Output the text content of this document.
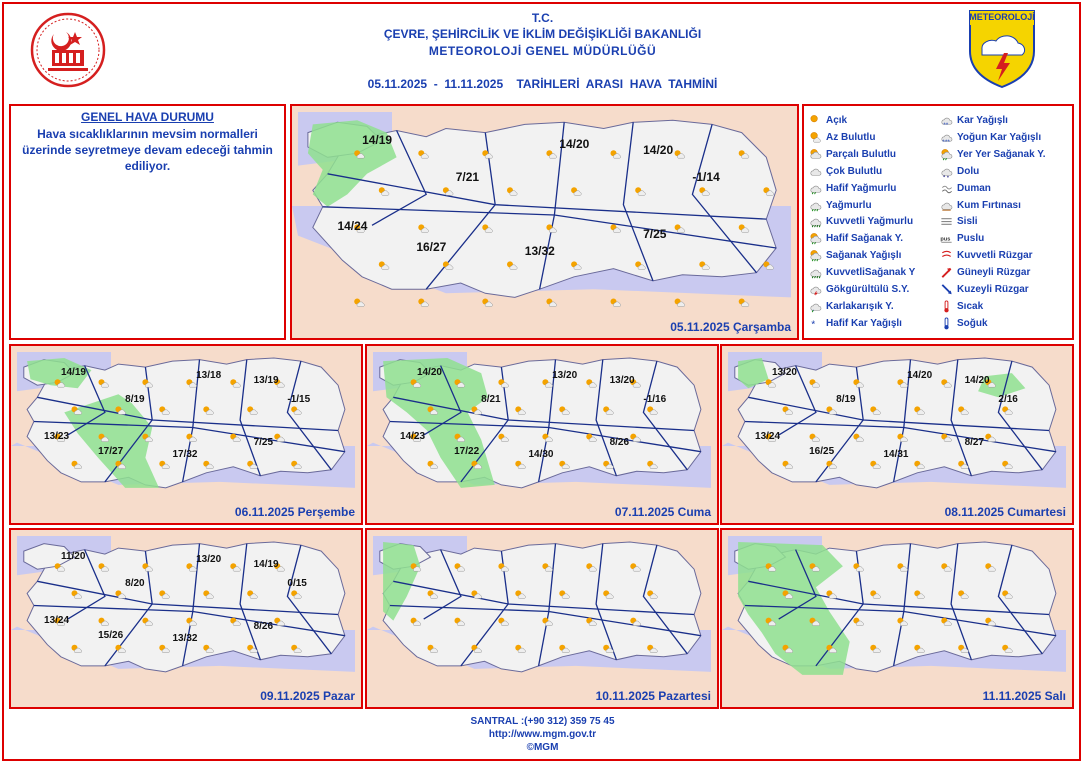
METEOROLOJİ
T.C.
ÇEVRE, ŞEHİRCİLİK VE İKLİM DEĞİŞİKLİĞİ BAKANLIĞI
METEOROLOJİ GENEL MÜDÜRLÜĞÜ
05.11.2025  -  11.11.2025    TARİHLERİ  ARASI  HAVA  TAHMİNİ
GENEL HAVA DURUMU
Hava sıcaklıklarının mevsim normalleri üzerinde seyretmeye devam edeceği tahmin ediliyor.
Açık
Az Bulutlu
Parçalı Bulutlu
Çok Bulutlu
Hafif Yağmurlu
Yağmurlu
Kuvvetli Yağmurlu
Hafif Sağanak Y.
Sağanak Yağışlı
KuvvetliSağanak Y
Gökgürültülü S.Y.
Karlakarışık Y.
* Hafif Kar Yağışlı
** Kar Yağışlı
*** Yoğun Kar Yağışlı
Yer Yer Sağanak Y.
Dolu
Duman
Kum Fırtınası
Sisli
pus Puslu
Kuvvetli Rüzgar
Güneyli Rüzgar
Kuzeyli Rüzgar
Sıcak
Soğuk
14/19	14/20	14/20
7/21	-1/14
14/24
16/27	13/32
7/25
05.11.2025 Çarşamba
14/19	13/18	13/19
8/19	-1/15
13/23
17/27	17/32
7/25
06.11.2025 Perşembe
14/20	13/20	13/20
8/21	-1/16
14/23
17/22	14/30
8/26
07.11.2025 Cuma
13/20	14/20	14/20
8/19	2/16
13/24
16/25	14/31
8/27
08.11.2025 Cumartesi
11/20	13/20	14/19
8/20	0/15
13/24
15/26	13/32
8/26
09.11.2025 Pazar	10.11.2025 Pazartesi	11.11.2025 Salı
SANTRAL :(+90 312) 359 75 45
http://www.mgm.gov.tr
©MGM
